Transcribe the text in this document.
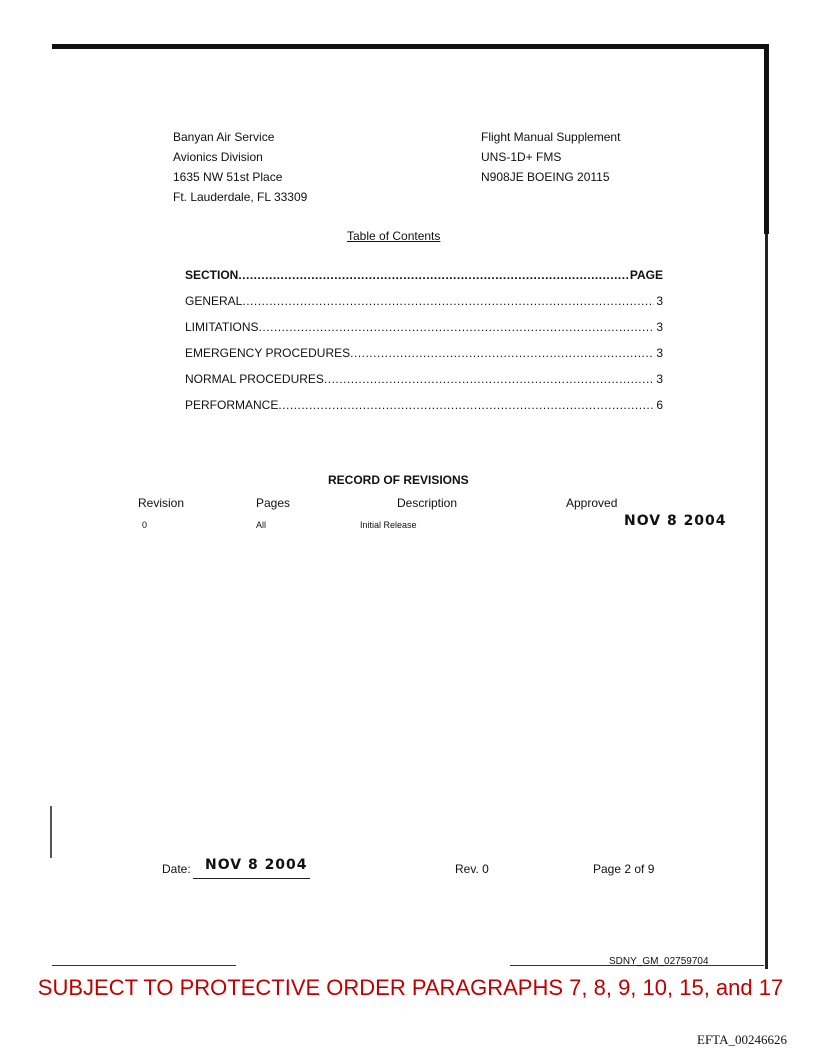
Banyan Air Service
Avionics Division
1635 NW 51st Place
Ft. Lauderdale, FL 33309
Flight Manual Supplement
UNS-1D+ FMS
N908JE BOEING 20115
Table of Contents
SECTION .....	PAGE
GENERAL .....	3
LIMITATIONS .....	3
EMERGENCY PROCEDURES .....	3
NORMAL PROCEDURES .....	3
PERFORMANCE .....	6
RECORD OF REVISIONS
Revision	Pages	Description	Approved
0	All	Initial Release	NOV 8 2004
Date: NOV 8 2004	Rev. 0	Page 2 of 9
SDNY_GM_02759704
SUBJECT TO PROTECTIVE ORDER PARAGRAPHS 7, 8, 9, 10, 15, and 17
EFTA_00246626
